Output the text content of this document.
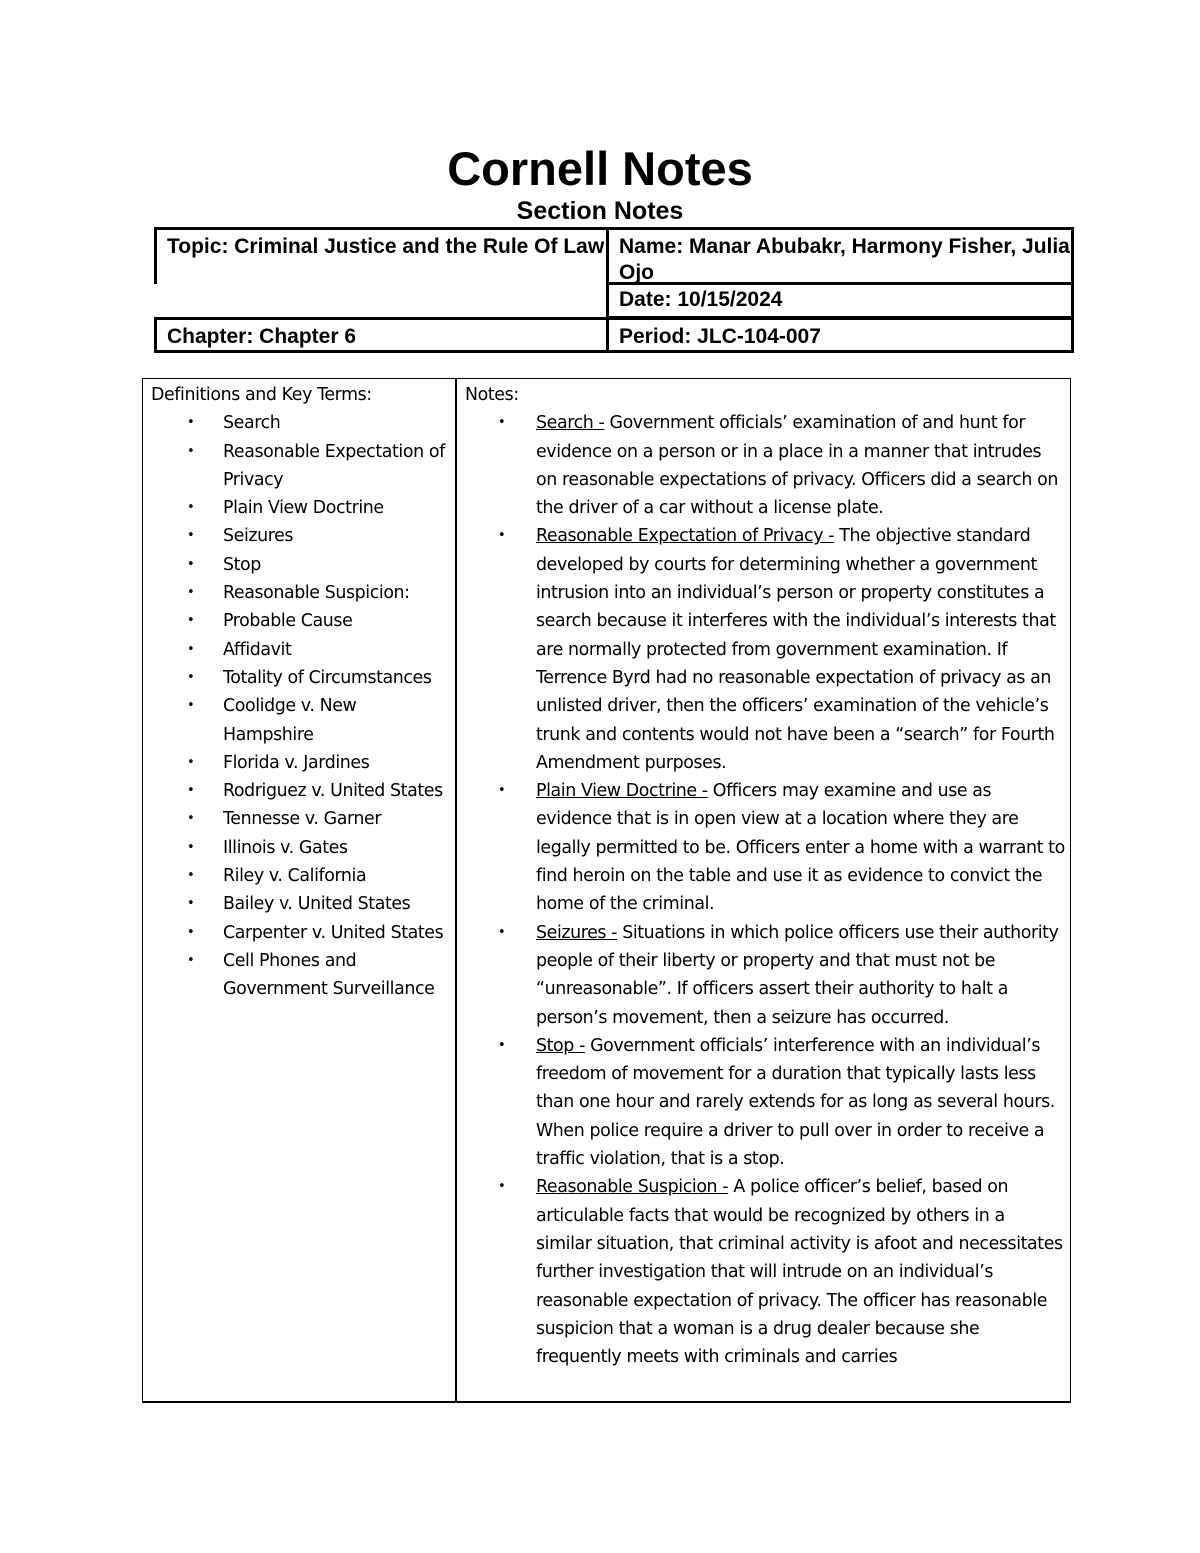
Cornell Notes
Section Notes
Topic: Criminal Justice and the Rule Of Law
Chapter: Chapter 6
Name: Manar Abubakr, Harmony Fisher, Julia Ojo
Date: 10/15/2024
Period: JLC-104-007

Definitions and Key Terms:

• Search
• Reasonable Expectation of Privacy
• Plain View Doctrine
• Seizures
• Stop
• Reasonable Suspicion:
• Probable Cause
• Affidavit
• Totality of Circumstances
• Coolidge v. New Hampshire
• Florida v. Jardines
• Rodriguez v. United States
• Tennesse v. Garner
• Illinois v. Gates
• Riley v. California
• Bailey v. United States
• Carpenter v. United States
• Cell Phones and Government Surveillance

Notes:

• Search - Government officials’ examination of and hunt for evidence on a person or in a place in a manner that intrudes on reasonable expectations of privacy. Officers did a search on the driver of a car without a license plate.
• Reasonable Expectation of Privacy - The objective standard developed by courts for determining whether a government intrusion into an individual’s person or property constitutes a search because it interferes with the individual’s interests that are normally protected from government examination. If Terrence Byrd had no reasonable expectation of privacy as an unlisted driver, then the officers’ examination of the vehicle’s trunk and contents would not have been a “search” for Fourth Amendment purposes.
• Plain View Doctrine - Officers may examine and use as evidence that is in open view at a location where they are legally permitted to be. Officers enter a home with a warrant to find heroin on the table and use it as evidence to convict the home of the criminal.
• Seizures - Situations in which police officers use their authority people of their liberty or property and that must not be “unreasonable”. If officers assert their authority to halt a person’s movement, then a seizure has occurred.
• Stop - Government officials’ interference with an individual’s freedom of movement for a duration that typically lasts less than one hour and rarely extends for as long as several hours. When police require a driver to pull over in order to receive a traffic violation, that is a stop.
• Reasonable Suspicion - A police officer’s belief, based on articulable facts that would be recognized by others in a similar situation, that criminal activity is afoot and necessitates further investigation that will intrude on an individual’s reasonable expectation of privacy. The officer has reasonable suspicion that a woman is a drug dealer because she frequently meets with criminals and carries
